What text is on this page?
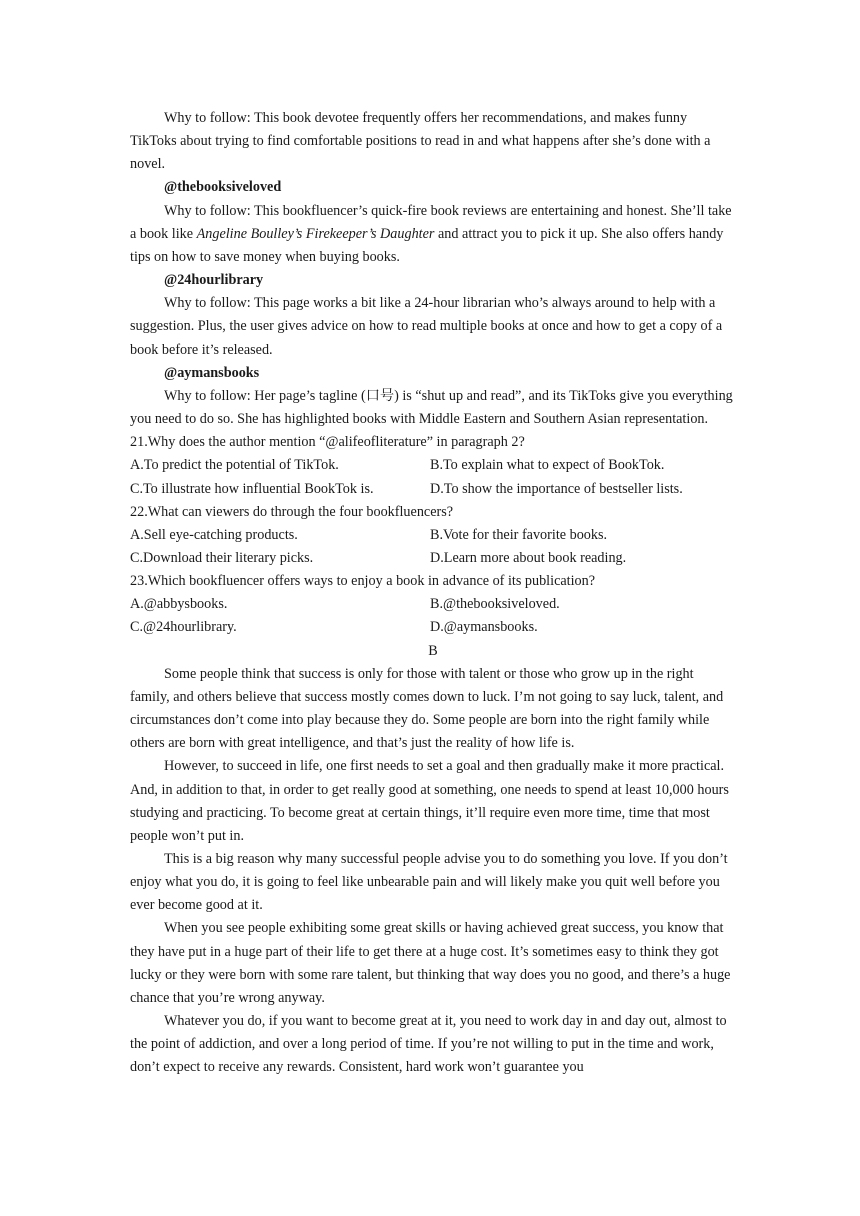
Why to follow: This book devotee frequently offers her recommendations, and makes funny TikToks about trying to find comfortable positions to read in and what happens after she’s done with a novel.

@thebooksiveloved

Why to follow: This bookfluencer’s quick-fire book reviews are entertaining and honest. She’ll take a book like Angeline Boulley’s Firekeeper’s Daughter and attract you to pick it up. She also offers handy tips on how to save money when buying books.

@24hourlibrary

Why to follow: This page works a bit like a 24-hour librarian who’s always around to help with a suggestion. Plus, the user gives advice on how to read multiple books at once and how to get a copy of a book before it’s released.

@aymansbooks

Why to follow: Her page’s tagline (口号) is “shut up and read”, and its TikToks give you everything you need to do so. She has highlighted books with Middle Eastern and Southern Asian representation.

21.Why does the author mention “@alifeofliterature” in paragraph 2?

A.To predict the potential of TikTok.	B.To explain what to expect of BookTok.
C.To illustrate how influential BookTok is.	D.To show the importance of bestseller lists.

22.What can viewers do through the four bookfluencers?

A.Sell eye-catching products.	B.Vote for their favorite books.
C.Download their literary picks.	D.Learn more about book reading.

23.Which bookfluencer offers ways to enjoy a book in advance of its publication?

A.@abbysbooks.	B.@thebooksiveloved.
C.@24hourlibrary.	D.@aymansbooks.

B

Some people think that success is only for those with talent or those who grow up in the right family, and others believe that success mostly comes down to luck. I’m not going to say luck, talent, and circumstances don’t come into play because they do. Some people are born into the right family while others are born with great intelligence, and that’s just the reality of how life is.

However, to succeed in life, one first needs to set a goal and then gradually make it more practical. And, in addition to that, in order to get really good at something, one needs to spend at least 10,000 hours studying and practicing. To become great at certain things, it’ll require even more time, time that most people won’t put in.

This is a big reason why many successful people advise you to do something you love. If you don’t enjoy what you do, it is going to feel like unbearable pain and will likely make you quit well before you ever become good at it.

When you see people exhibiting some great skills or having achieved great success, you know that they have put in a huge part of their life to get there at a huge cost. It’s sometimes easy to think they got lucky or they were born with some rare talent, but thinking that way does you no good, and there’s a huge chance that you’re wrong anyway.

Whatever you do, if you want to become great at it, you need to work day in and day out, almost to the point of addiction, and over a long period of time. If you’re not willing to put in the time and work, don’t expect to receive any rewards. Consistent, hard work won’t guarantee you
